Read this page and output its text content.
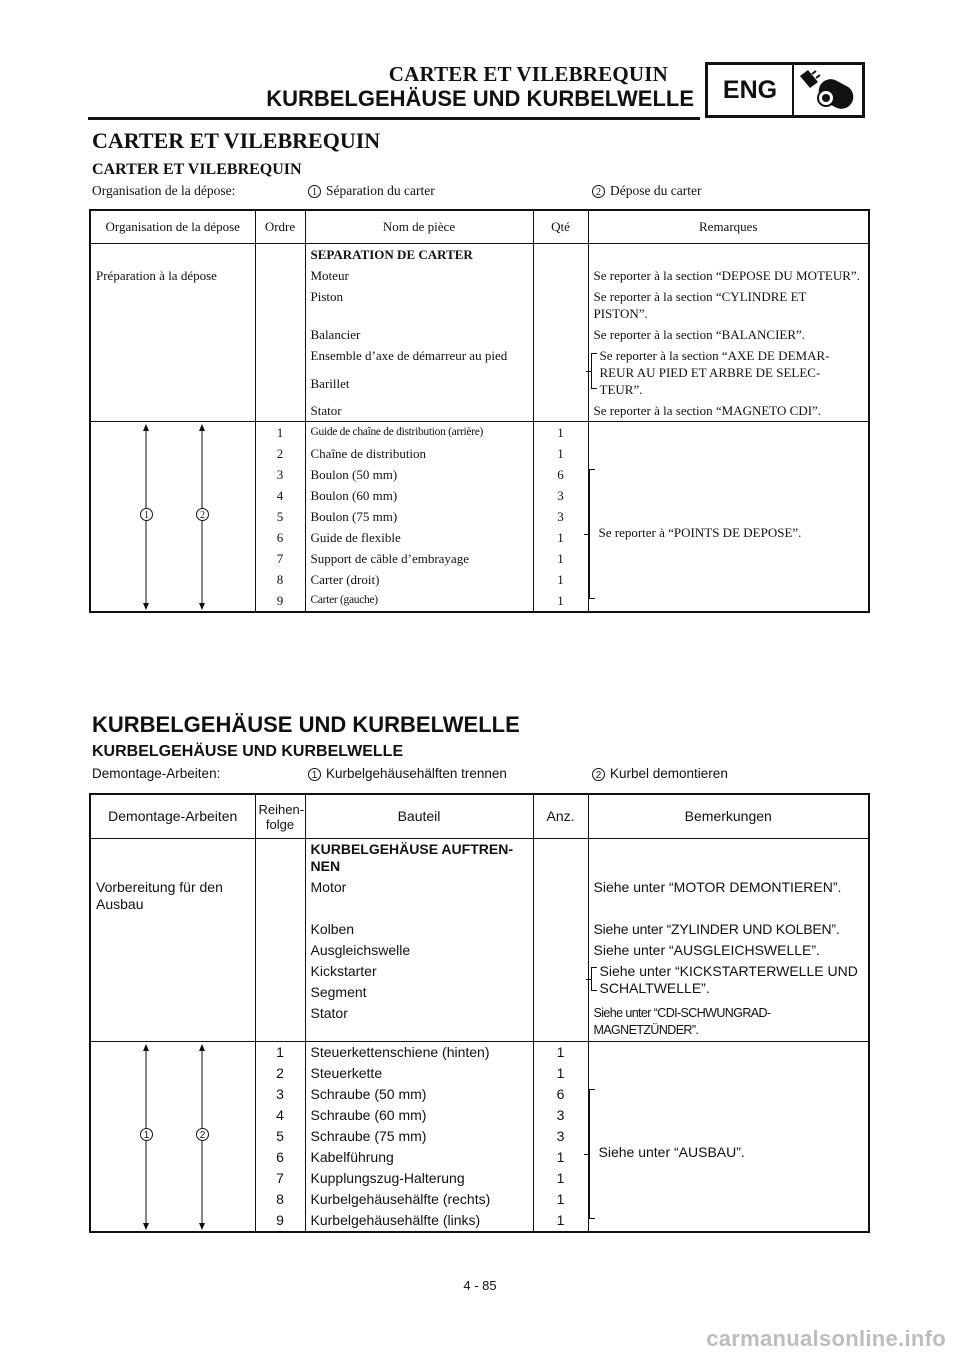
CARTER ET VILEBREQUIN
KURBELGEHÄUSE UND KURBELWELLE	ENG
CARTER ET VILEBREQUIN
CARTER ET VILEBREQUIN
Organisation de la dépose:	1 Séparation du carter	2 Dépose du carter
Organisation de la dépose	Ordre	Nom de pièce	Qté	Remarques
		SEPARATION DE CARTER		
Préparation à la dépose		Moteur		Se reporter à la section “DEPOSE DU MOTEUR”.
		Piston		Se reporter à la section “CYLINDRE ET PISTON”.
		Balancier		Se reporter à la section “BALANCIER”.
		Ensemble d’axe de démarreur au pied		Se reporter à la section “AXE DE DEMAR-REUR AU PIED ET ARBRE DE SELEC-TEUR”.

		Barillet		
		Stator		Se reporter à la section “MAGNETO CDI”.

1 2	1	Guide de chaîne de distribution (arrière)	1	Se reporter à “POINTS DE DEPOSE”.

	2	Chaîne de distribution	1	
	3	Boulon (50 mm)	6	
	4	Boulon (60 mm)	3	
	5	Boulon (75 mm)	3	
	6	Guide de flexible	1	
	7	Support de câble d’embrayage	1	
	8	Carter (droit)	1	
	9	Carter (gauche)	1	
KURBELGEHÄUSE UND KURBELWELLE
KURBELGEHÄUSE UND KURBELWELLE
Demontage-Arbeiten:	1 Kurbelgehäusehälften trennen	2 Kurbel demontieren
Demontage-Arbeiten	Reihen-folge	Bauteil	Anz.	Bemerkungen
		KURBELGEHÄUSE AUFTREN-NEN		
Vorbereitung für den Ausbau		Motor		Siehe unter “MOTOR DEMONTIEREN”.

		Kolben		Siehe unter “ZYLINDER UND KOLBEN”.
		Ausgleichswelle		Siehe unter “AUSGLEICHSWELLE”.
		Kickstarter		Siehe unter “KICKSTARTERWELLE UND SCHALTWELLE”.

		Segment		
		Stator		Siehe unter “CDI-SCHWUNGRAD-MAGNETZÜNDER”.

1 2	1	Steuerkettenschiene (hinten)	1	Siehe unter “AUSBAU”.

	2	Steuerkette	1	
	3	Schraube (50 mm)	6	
	4	Schraube (60 mm)	3	
	5	Schraube (75 mm)	3	
	6	Kabelführung	1	
	7	Kupplungszug-Halterung	1	
	8	Kurbelgehäusehälfte (rechts)	1	
	9	Kurbelgehäusehälfte (links)	1	
4 - 85
carmanualsonline.info
